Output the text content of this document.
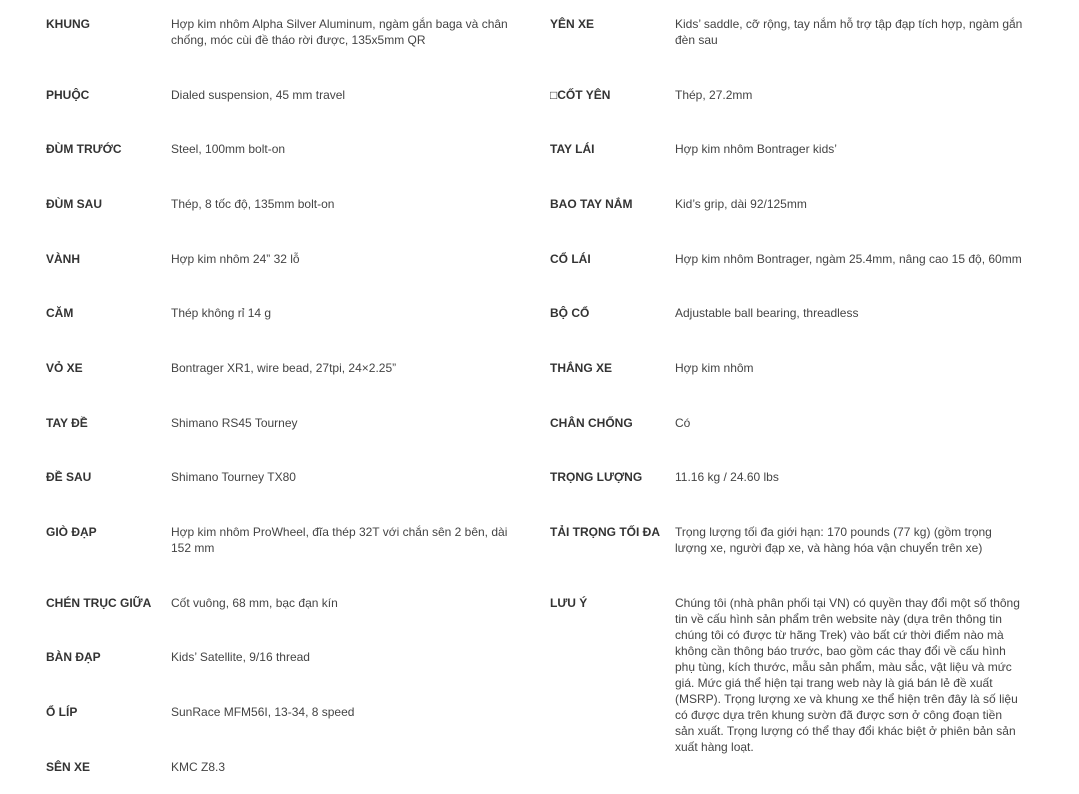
KHUNG	Hợp kim nhôm Alpha Silver Aluminum, ngàm gắn baga và chân chống, móc cùi đề tháo rời được, 135x5mm QR
PHUỘC	Dialed suspension, 45 mm travel
ĐÙM TRƯỚC	Steel, 100mm bolt-on
ĐÙM SAU	Thép, 8 tốc độ, 135mm bolt-on
VÀNH	Hợp kim nhôm 24” 32 lỗ
CĂM	Thép không rỉ 14 g
VỎ XE	Bontrager XR1, wire bead, 27tpi, 24×2.25”
TAY ĐỀ	Shimano RS45 Tourney
ĐỀ SAU	Shimano Tourney TX80
GIÒ ĐẠP	Hợp kim nhôm ProWheel, đĩa thép 32T với chắn sên 2 bên, dài 152 mm
CHÉN TRỤC GIỮA Cốt vuông, 68 mm, bạc đạn kín
BÀN ĐẠP	Kids’ Satellite, 9/16 thread
Ổ LÍP	SunRace MFM56I, 13-34, 8 speed
SÊN XE	KMC Z8.3
YÊN XE	Kids’ saddle, cỡ rộng, tay nắm hỗ trợ tập đạp tích hợp, ngàm gắn đèn sau
□CỐT YÊN	Thép, 27.2mm
TAY LÁI	Hợp kim nhôm Bontrager kids’
BAO TAY NẮM	Kid’s grip, dài 92/125mm
CỔ LÁI	Hợp kim nhôm Bontrager, ngàm 25.4mm, nâng cao 15 độ, 60mm
BỘ CỔ	Adjustable ball bearing, threadless
THẮNG XE	Hợp kim nhôm
CHÂN CHỐNG	Có
TRỌNG LƯỢNG	11.16 kg / 24.60 lbs
TẢI TRỌNG TỐI ĐA Trọng lượng tối đa giới hạn: 170 pounds (77 kg) (gồm trọng lượng xe, người đạp xe, và hàng hóa vận chuyển trên xe)
LƯU Ý	Chúng tôi (nhà phân phối tại VN) có quyền thay đổi một số thông tin về cấu hình sản phẩm trên website này (dựa trên thông tin chúng tôi có được từ hãng Trek) vào bất cứ thời điểm nào mà không cần thông báo trước, bao gồm các thay đổi về cấu hình phụ tùng, kích thước, mẫu sản phẩm, màu sắc, vật liệu và mức giá. Mức giá thể hiện tại trang web này là giá bán lẻ đề xuất (MSRP). Trọng lượng xe và khung xe thể hiện trên đây là số liệu có được dựa trên khung sườn đã được sơn ở công đoạn tiền sản xuất. Trọng lượng có thể thay đổi khác biệt ở phiên bản sản xuất hàng loạt.
